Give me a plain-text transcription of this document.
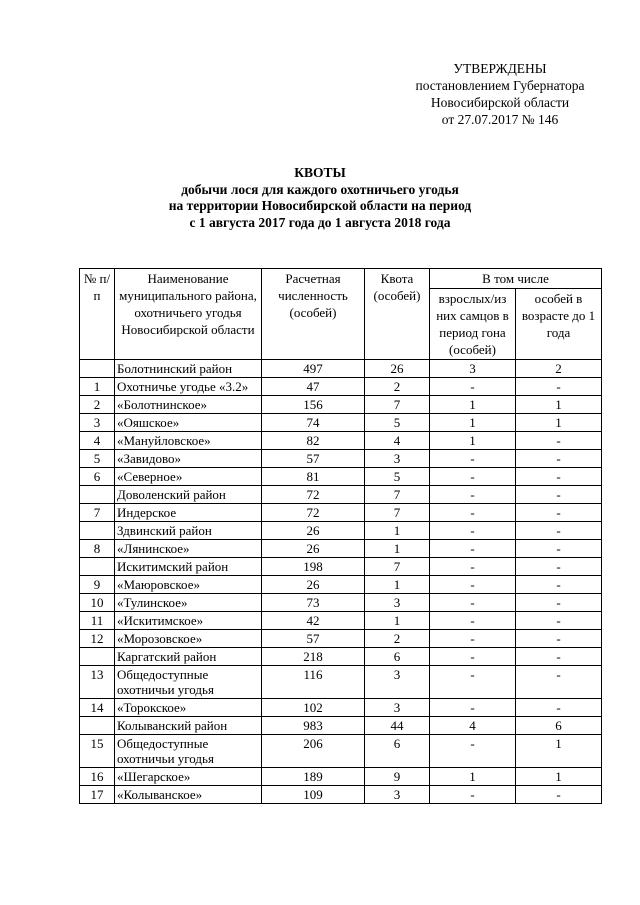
УТВЕРЖДЕНЫ
постановлением Губернатора
Новосибирской области
от 27.07.2017 № 146
КВОТЫ
добычи лося для каждого охотничьего угодья
на территории Новосибирской области на период
с 1 августа 2017 года до 1 августа 2018 года
№ п/п	Наименование муниципального района, охотничьего угодья Новосибирской области	Расчетная численность (особей)	Квота (особей)	В том числе	
				взрослых/из них самцов в период гона (особей)	особей в возрасте до 1 года
	Болотнинский район	497	26	3	2
1	Охотничье угодье «3.2»	47	2	-	-
2	«Болотнинское»	156	7	1	1
3	«Ояшское»	74	5	1	1
4	«Мануйловское»	82	4	1	-
5	«Завидово»	57	3	-	-
6	«Северное»	81	5	-	-
	Доволенский район	72	7	-	-
7	Индерское	72	7	-	-
	Здвинский район	26	1	-	-
8	«Лянинское»	26	1	-	-
	Искитимский район	198	7	-	-
9	«Маюровское»	26	1	-	-
10	«Тулинское»	73	3	-	-
11	«Искитимское»	42	1	-	-
12	«Морозовское»	57	2	-	-
	Каргатский район	218	6	-	-
13	Общедоступные охотничьи угодья	116	3	-	-
14	«Торокское»	102	3	-	-
	Колыванский район	983	44	4	6
15	Общедоступные охотничьи угодья	206	6	-	1
16	«Шегарское»	189	9	1	1
17	«Колыванское»	109	3	-	-
